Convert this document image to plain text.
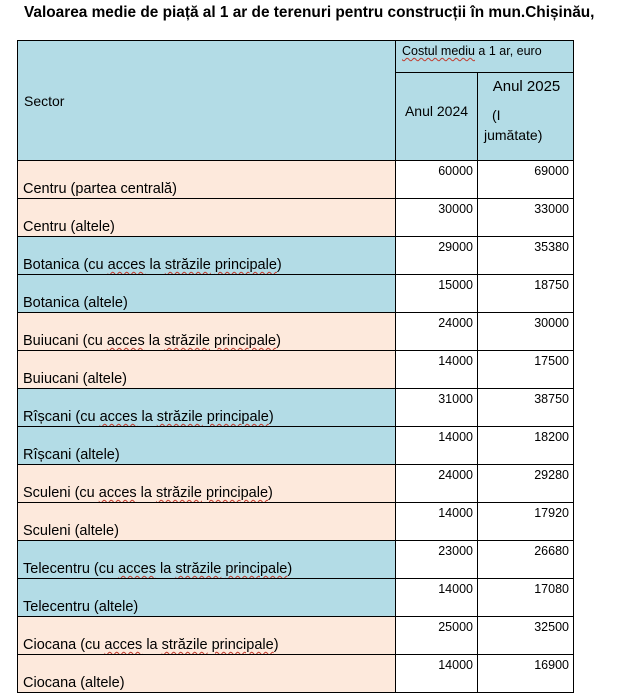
Valoarea medie de piață al 1 ar de terenuri pentru construcții în mun.Chișinău,
Sector	Costul mediu a 1 ar, euro	
	Anul 2024	Anul 2025
(I
jumătate)

Centru (partea centrală)	60000	69000
Centru (altele)	30000	33000
Botanica (cu acces la străzile principale)	29000	35380
Botanica (altele)	15000	18750
Buiucani (cu acces la străzile principale)	24000	30000
Buiucani (altele)	14000	17500
Rîșcani (cu acces la străzile principale)	31000	38750
Rîșcani (altele)	14000	18200
Sculeni (cu acces la străzile principale)	24000	29280
Sculeni (altele)	14000	17920
Telecentru (cu acces la străzile principale)	23000	26680
Telecentru (altele)	14000	17080
Ciocana (cu acces la străzile principale)	25000	32500
Ciocana (altele)	14000	16900
